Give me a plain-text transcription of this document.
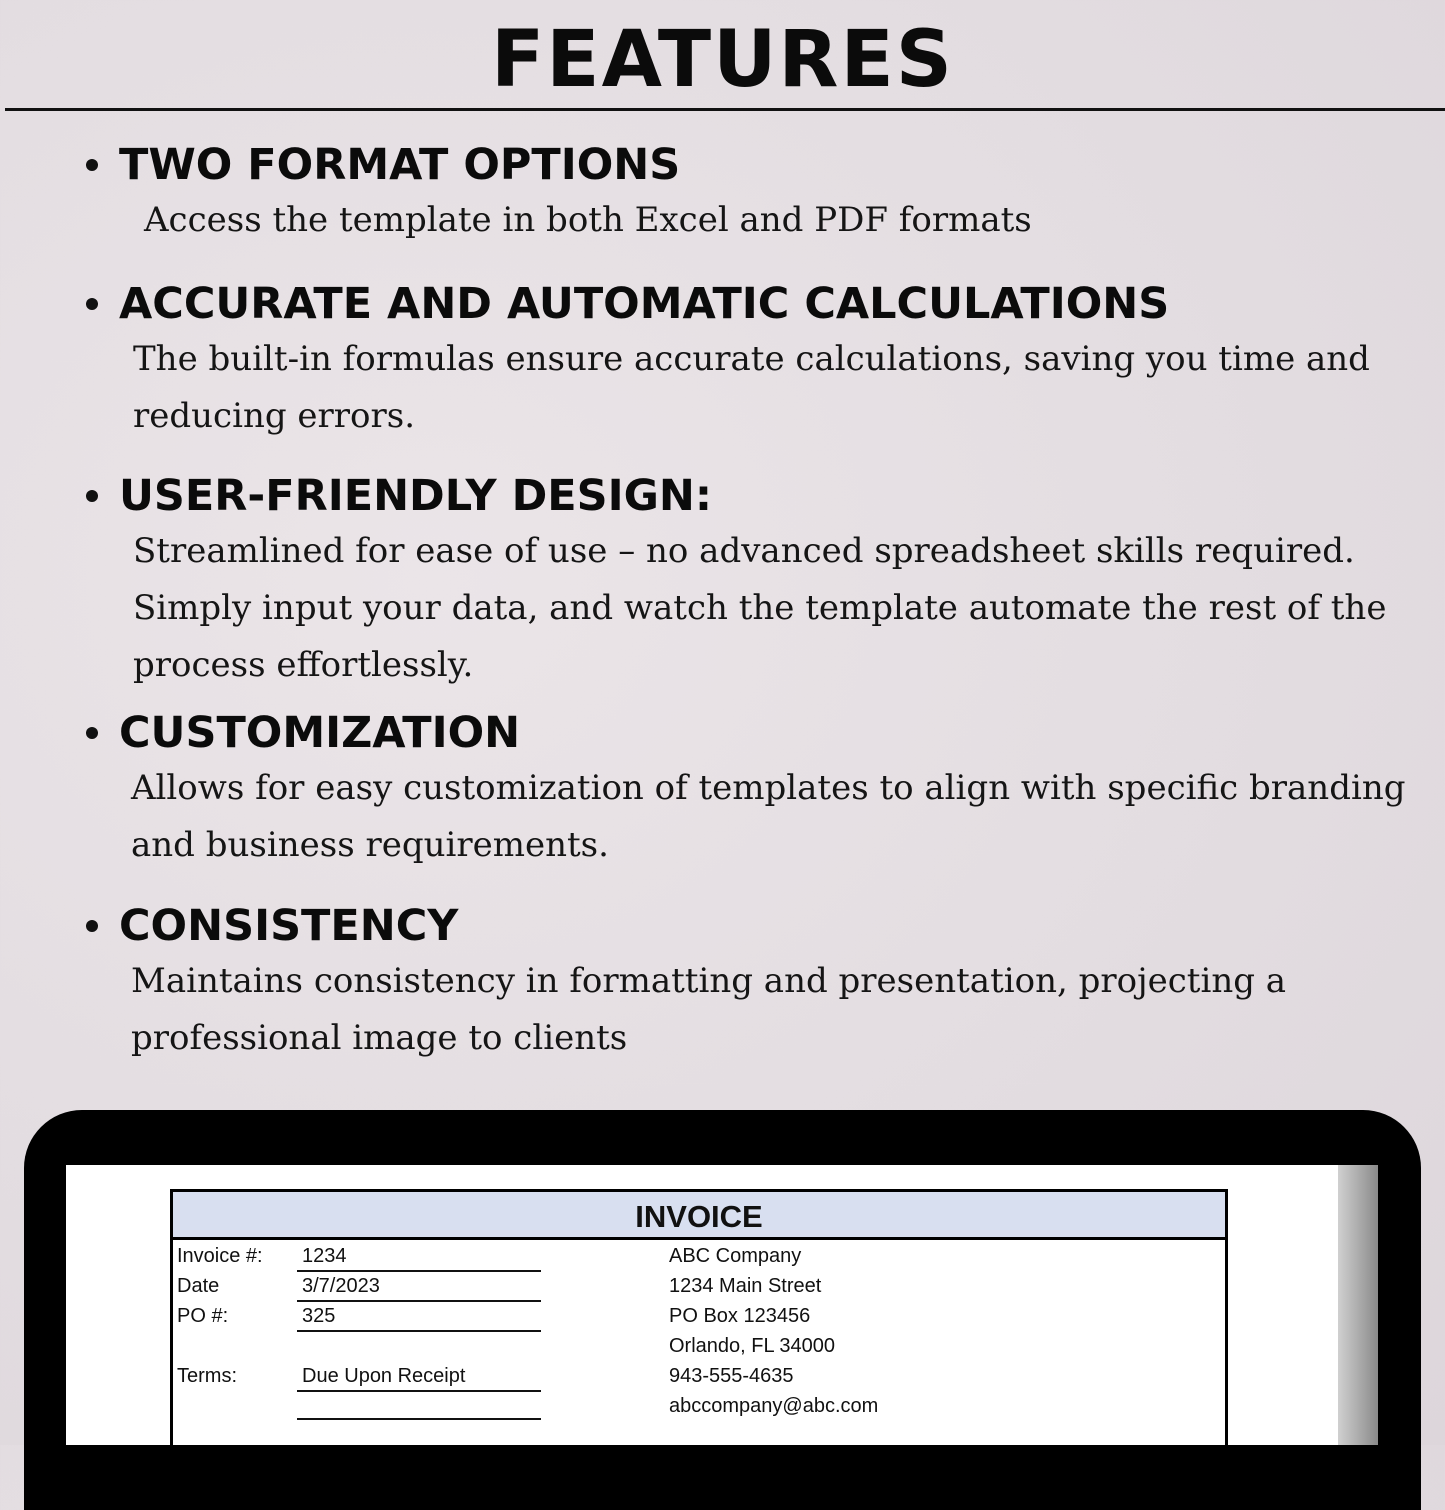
FEATURES
TWO FORMAT OPTIONS
Access the template in both Excel and PDF formats
ACCURATE AND AUTOMATIC CALCULATIONS
The built-in formulas ensure accurate calculations, saving you time and reducing errors.
USER-FRIENDLY DESIGN:
Streamlined for ease of use – no advanced spreadsheet skills required. Simply input your data, and watch the template automate the rest of the process effortlessly.
CUSTOMIZATION
Allows for easy customization of templates to align with specific branding and business requirements.
CONSISTENCY
Maintains consistency in formatting and presentation, projecting a professional image to clients
INVOICE
Invoice #: 1234
Date	3/7/2023
PO #:	325
Terms:	Due Upon Receipt
ABC Company
1234 Main Street
PO Box 123456
Orlando, FL 34000
943-555-4635
abccompany@abc.com
